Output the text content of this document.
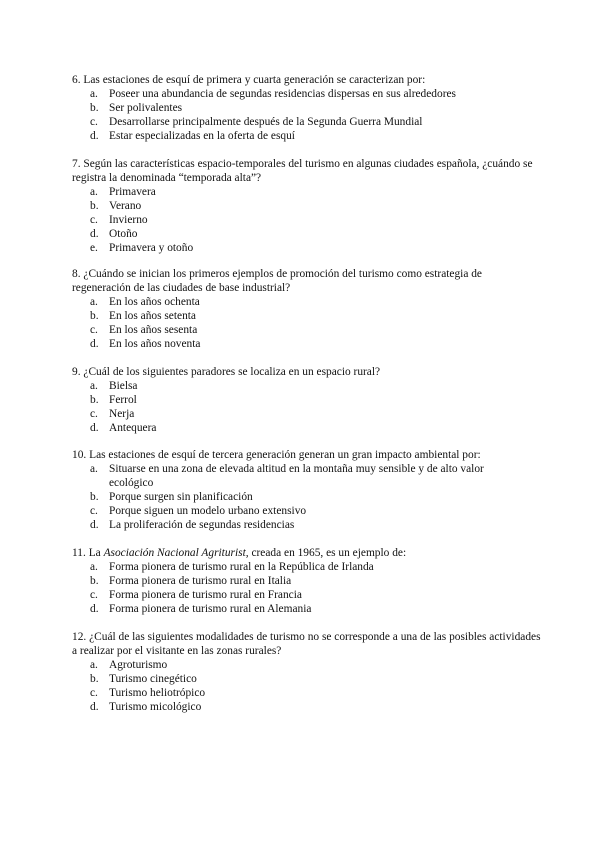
6. Las estaciones de esquí de primera y cuarta generación se caracterizan por:

a. Poseer una abundancia de segundas residencias dispersas en sus alrededores
b. Ser polivalentes
c. Desarrollarse principalmente después de la Segunda Guerra Mundial
d. Estar especializadas en la oferta de esquí

7. Según las características espacio-temporales del turismo en algunas ciudades española, ¿cuándo se registra la denominada “temporada alta”?

a. Primavera
b. Verano
c. Invierno
d. Otoño
e. Primavera y otoño

8. ¿Cuándo se inician los primeros ejemplos de promoción del turismo como estrategia de regeneración de las ciudades de base industrial?

a. En los años ochenta
b. En los años setenta
c. En los años sesenta
d. En los años noventa

9. ¿Cuál de los siguientes paradores se localiza en un espacio rural?

a. Bielsa
b. Ferrol
c. Nerja
d. Antequera

10. Las estaciones de esquí de tercera generación generan un gran impacto ambiental por:

a. Situarse en una zona de elevada altitud en la montaña muy sensible y de alto valor ecológico
b. Porque surgen sin planificación
c. Porque siguen un modelo urbano extensivo
d. La proliferación de segundas residencias

11. La Asociación Nacional Agriturist, creada en 1965, es un ejemplo de:

a. Forma pionera de turismo rural en la República de Irlanda
b. Forma pionera de turismo rural en Italia
c. Forma pionera de turismo rural en Francia
d. Forma pionera de turismo rural en Alemania

12. ¿Cuál de las siguientes modalidades de turismo no se corresponde a una de las posibles actividades a realizar por el visitante en las zonas rurales?

a. Agroturismo
b. Turismo cinegético
c. Turismo heliotrópico
d. Turismo micológico
